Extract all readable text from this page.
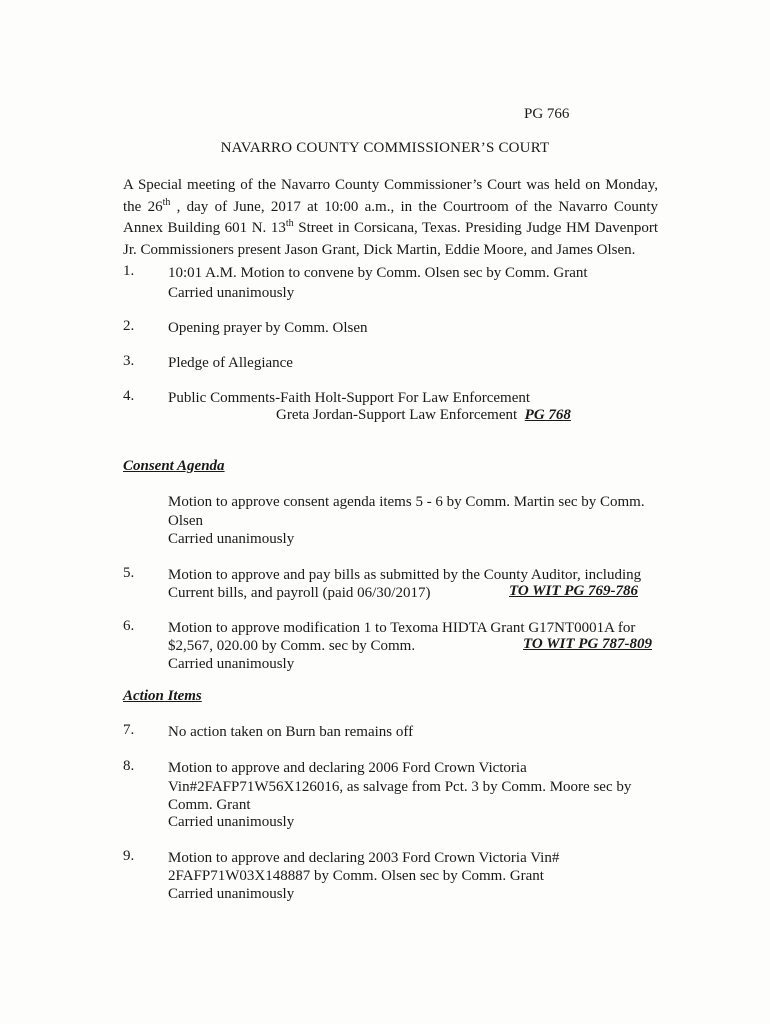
PG 766
NAVARRO COUNTY COMMISSIONER’S COURT
A Special meeting of the Navarro County Commissioner’s Court was held on Monday, the 26th , day of June, 2017 at 10:00 a.m., in the Courtroom of the Navarro County Annex Building 601 N. 13th Street in Corsicana, Texas. Presiding Judge HM Davenport Jr. Commissioners present Jason Grant, Dick Martin, Eddie Moore, and James Olsen.
1. 10:01 A.M. Motion to convene by Comm. Olsen sec by Comm. Grant
Carried unanimously
2. Opening prayer by Comm. Olsen
3. Pledge of Allegiance
4. Public Comments-Faith Holt-Support For Law Enforcement
Greta Jordan-Support Law Enforcement PG 768
Consent Agenda
Motion to approve consent agenda items 5 - 6 by Comm. Martin sec by Comm.
Olsen
Carried unanimously
5. Motion to approve and pay bills as submitted by the County Auditor, including
Current bills, and payroll (paid 06/30/2017)	TO WIT PG 769-786
6. Motion to approve modification 1 to Texoma HIDTA Grant G17NT0001A for
$2,567, 020.00 by Comm. sec by Comm.	TO WIT PG 787-809
Carried unanimously
Action Items
7. No action taken on Burn ban remains off
8. Motion to approve and declaring 2006 Ford Crown Victoria
Vin#2FAFP71W56X126016, as salvage from Pct. 3 by Comm. Moore sec by
Comm. Grant
Carried unanimously
9. Motion to approve and declaring 2003 Ford Crown Victoria Vin#
2FAFP71W03X148887 by Comm. Olsen sec by Comm. Grant
Carried unanimously
